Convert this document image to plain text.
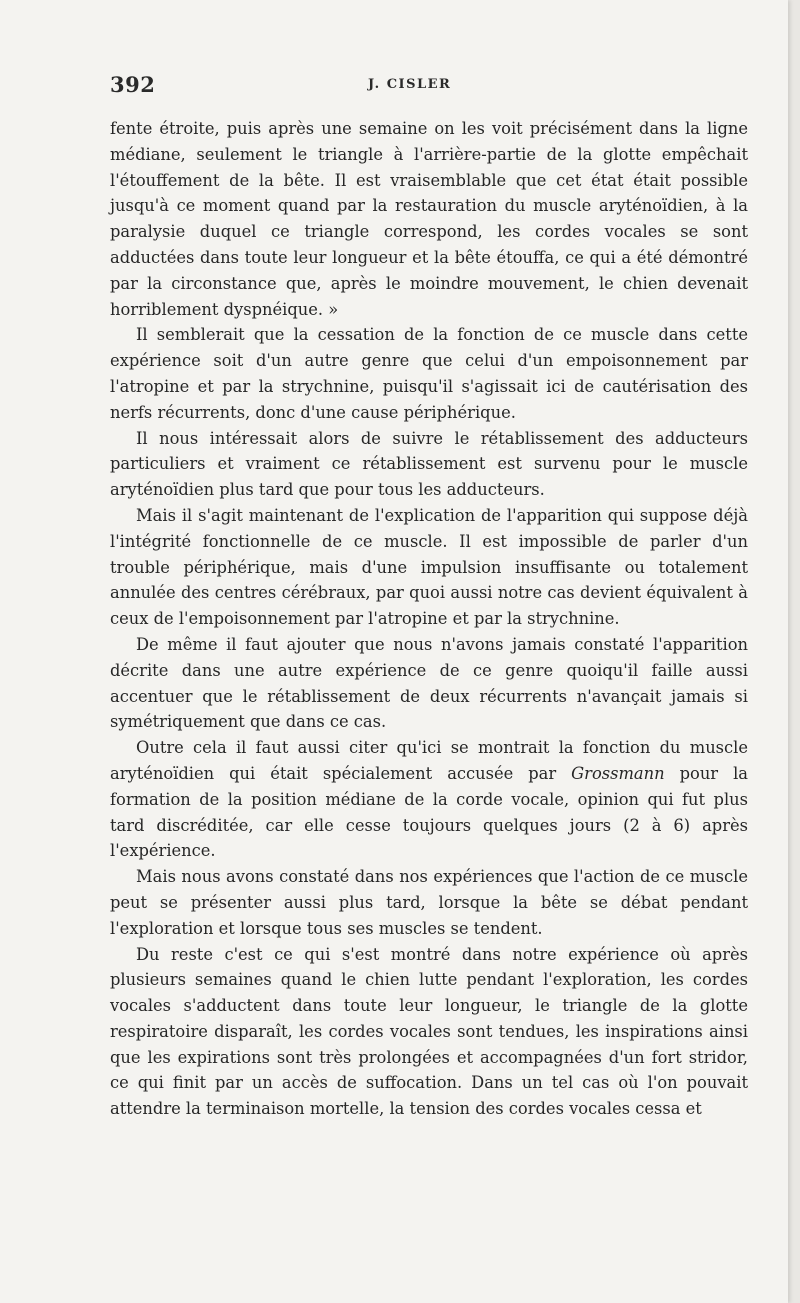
392	J. CISLER

fente étroite, puis après une semaine on les voit précisément dans la ligne médiane, seulement le triangle à l'arrière-partie de la glotte empêchait l'étouffement de la bête. Il est vraisemblable que cet état était possible jusqu'à ce moment quand par la restauration du muscle aryténoïdien, à la paralysie duquel ce triangle correspond, les cordes vocales se sont adductées dans toute leur longueur et la bête étouffa, ce qui a été démontré par la circonstance que, après le moindre mouvement, le chien devenait horriblement dyspnéique. »

Il semblerait que la cessation de la fonction de ce muscle dans cette expérience soit d'un autre genre que celui d'un empoisonnement par l'atropine et par la strychnine, puisqu'il s'agissait ici de cautérisation des nerfs récurrents, donc d'une cause périphérique.

Il nous intéressait alors de suivre le rétablissement des adducteurs particuliers et vraiment ce rétablissement est survenu pour le muscle aryténoïdien plus tard que pour tous les adducteurs.

Mais il s'agit maintenant de l'explication de l'apparition qui suppose déjà l'intégrité fonctionnelle de ce muscle. Il est impossible de parler d'un trouble périphérique, mais d'une impulsion insuffisante ou totalement annulée des centres cérébraux, par quoi aussi notre cas devient équivalent à ceux de l'empoisonnement par l'atropine et par la strychnine.

De même il faut ajouter que nous n'avons jamais constaté l'apparition décrite dans une autre expérience de ce genre quoiqu'il faille aussi accentuer que le rétablissement de deux récurrents n'avançait jamais si symétriquement que dans ce cas.

Outre cela il faut aussi citer qu'ici se montrait la fonction du muscle aryténoïdien qui était spécialement accusée par Grossmann pour la formation de la position médiane de la corde vocale, opinion qui fut plus tard discréditée, car elle cesse toujours quelques jours (2 à 6) après l'expérience.

Mais nous avons constaté dans nos expériences que l'action de ce muscle peut se présenter aussi plus tard, lorsque la bête se débat pendant l'exploration et lorsque tous ses muscles se tendent.

Du reste c'est ce qui s'est montré dans notre expérience où après plusieurs semaines quand le chien lutte pendant l'exploration, les cordes vocales s'adductent dans toute leur longueur, le triangle de la glotte respiratoire disparaît, les cordes vocales sont tendues, les inspirations ainsi que les expirations sont très prolongées et accompagnées d'un fort stridor, ce qui finit par un accès de suffocation. Dans un tel cas où l'on pouvait attendre la terminaison mortelle, la tension des cordes vocales cessa et
